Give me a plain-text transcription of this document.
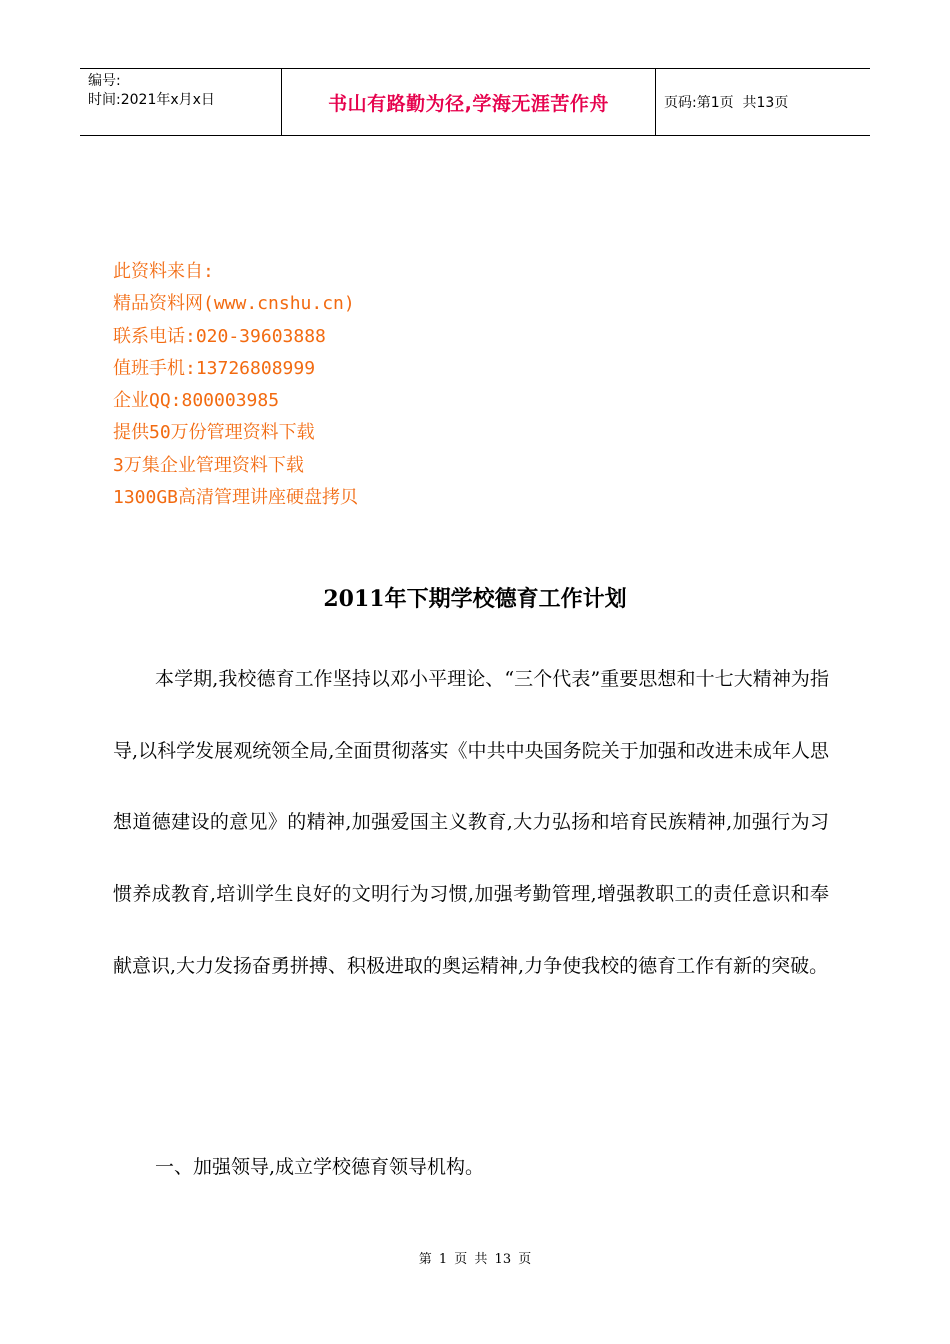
编号:
时间:2021年x月x日	书山有路勤为径,学海无涯苦作舟	页码:第1页  共13页
此资料来自:
精品资料网(www.cnshu.cn)
联系电话:020-39603888
值班手机:13726808999
企业QQ:800003985
提供50万份管理资料下载
3万集企业管理资料下载
1300GB高清管理讲座硬盘拷贝
2011年下期学校德育工作计划
本学期,我校德育工作坚持以邓小平理论、“三个代表”重要思想和十七大精神为指导,以科学发展观统领全局,全面贯彻落实《中共中央国务院关于加强和改进未成年人思想道德建设的意见》的精神,加强爱国主义教育,大力弘扬和培育民族精神,加强行为习惯养成教育,培训学生良好的文明行为习惯,加强考勤管理,增强教职工的责任意识和奉献意识,大力发扬奋勇拼搏、积极进取的奥运精神,力争使我校的德育工作有新的突破。
一、加强领导,成立学校德育领导机构。
第 1 页 共 13 页
